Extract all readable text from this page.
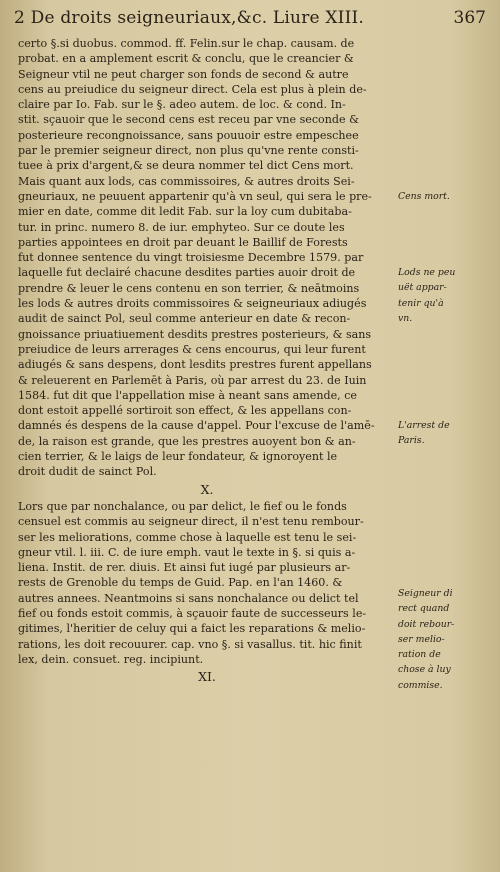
2 De droits seigneuriaux,&c. Liure XIII.	367
certo §.si duobus. commod. ff. Felin.sur le chap. causam. de
probat. en a amplement escrit & conclu, que le creancier &
Seigneur vtil ne peut charger son fonds de second & autre
cens au preiudice du seigneur direct. Cela est plus à plein de-
claire par Io. Fab. sur le §. adeo autem. de loc. & cond. In-
stit. sçauoir que le second cens est receu par vne seconde &
posterieure recongnoissance, sans pouuoir estre empeschee
par le premier seigneur direct, non plus qu'vne rente consti-
tuee à prix d'argent,& se deura nommer tel dict Cens mort.
Mais quant aux lods, cas commissoires, & autres droits Sei-
gneuriaux, ne peuuent appartenir qu'à vn seul, qui sera le pre-
mier en date, comme dit ledit Fab. sur la loy cum dubitaba-
tur. in princ. numero 8. de iur. emphyteo. Sur ce doute les
parties appointees en droit par deuant le Baillif de Forests
fut donnee sentence du vingt troisiesme Decembre 1579. par
laquelle fut declairé chacune desdites parties auoir droit de
prendre & leuer le cens contenu en son terrier, & neātmoins
les lods & autres droits commissoires & seigneuriaux adiugés
audit de sainct Pol, seul comme anterieur en date & recon-
gnoissance priuatiuement desdits prestres posterieurs, & sans
preiudice de leurs arrerages & cens encourus, qui leur furent
adiugés & sans despens, dont lesdits prestres furent appellans
& releuerent en Parlemēt à Paris, où par arrest du 23. de Iuin
1584. fut dit que l'appellation mise à neant sans amende, ce
dont estoit appellé sortiroit son effect, & les appellans con-
damnés és despens de la cause d'appel. Pour l'excuse de l'amē-
de, la raison est grande, que les prestres auoyent bon & an-
cien terrier, & le laigs de leur fondateur, & ignoroyent le
droit dudit de sainct Pol.
X.
Lors que par nonchalance, ou par delict, le fief ou le fonds
censuel est commis au seigneur direct, il n'est tenu rembour-
ser les meliorations, comme chose à laquelle est tenu le sei-
gneur vtil. l. iii. C. de iure emph. vaut le texte in §. si quis a-
liena. Instit. de rer. diuis. Et ainsi fut iugé par plusieurs ar-
rests de Grenoble du temps de Guid. Pap. en l'an 1460. &
autres annees. Neantmoins si sans nonchalance ou delict tel
fief ou fonds estoit commis, à sçauoir faute de successeurs le-
gitimes, l'heritier de celuy qui a faict les reparations & melio-
rations, les doit recouurer. cap. vno §. si vasallus. tit. hic finit
lex, dein. consuet. reg. incipiunt.
XI.
Cens mort.
Lods ne peu
uët appar-
tenir qu'à
vn.
L'arrest de
Paris.
Seigneur di
rect quand
doit rebour-
ser melio-
ration de
chose à luy
commise.
